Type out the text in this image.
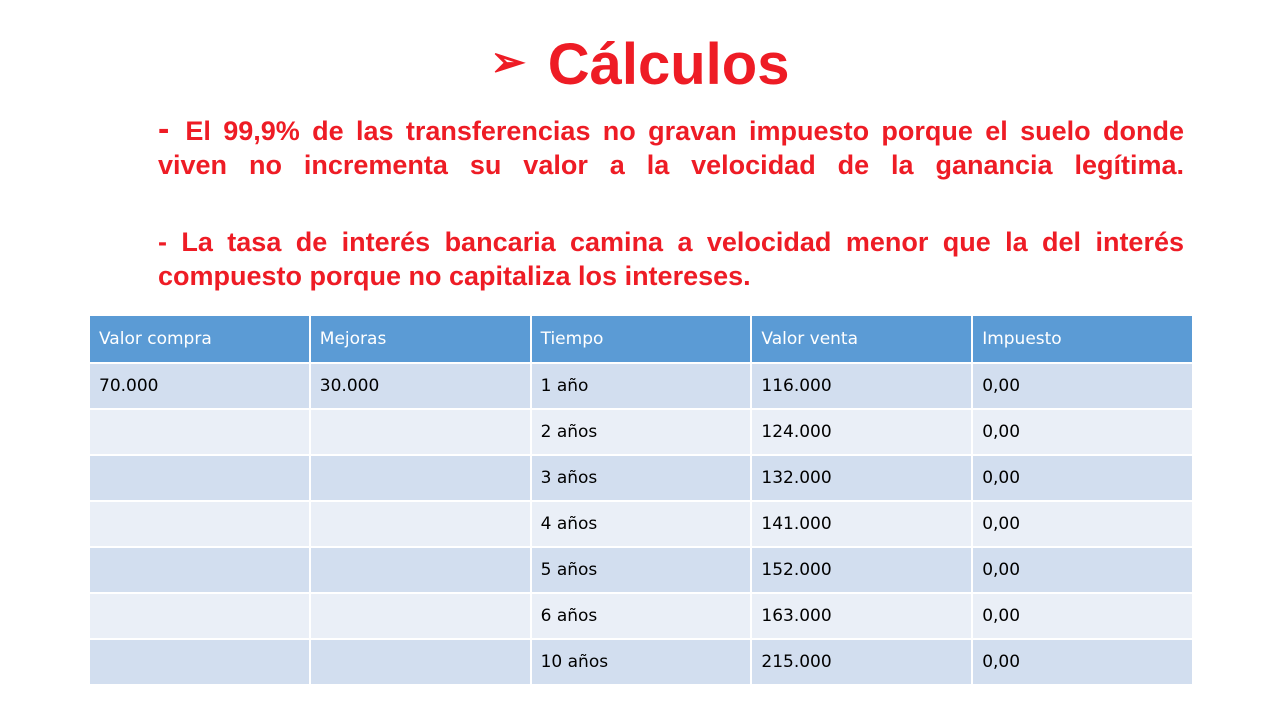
➢ Cálculos

- El 99,9% de las transferencias no gravan impuesto porque el suelo donde viven no incrementa su valor a la velocidad de la ganancia legítima.

- La tasa de interés bancaria camina a velocidad menor que la del interés compuesto porque no capitaliza los intereses.

Valor compra	Mejoras	Tiempo	Valor venta	Impuesto
70.000	30.000	1 año	116.000	0,00
		2 años	124.000	0,00
		3 años	132.000	0,00
		4 años	141.000	0,00
		5 años	152.000	0,00
		6 años	163.000	0,00
		10 años	215.000	0,00
